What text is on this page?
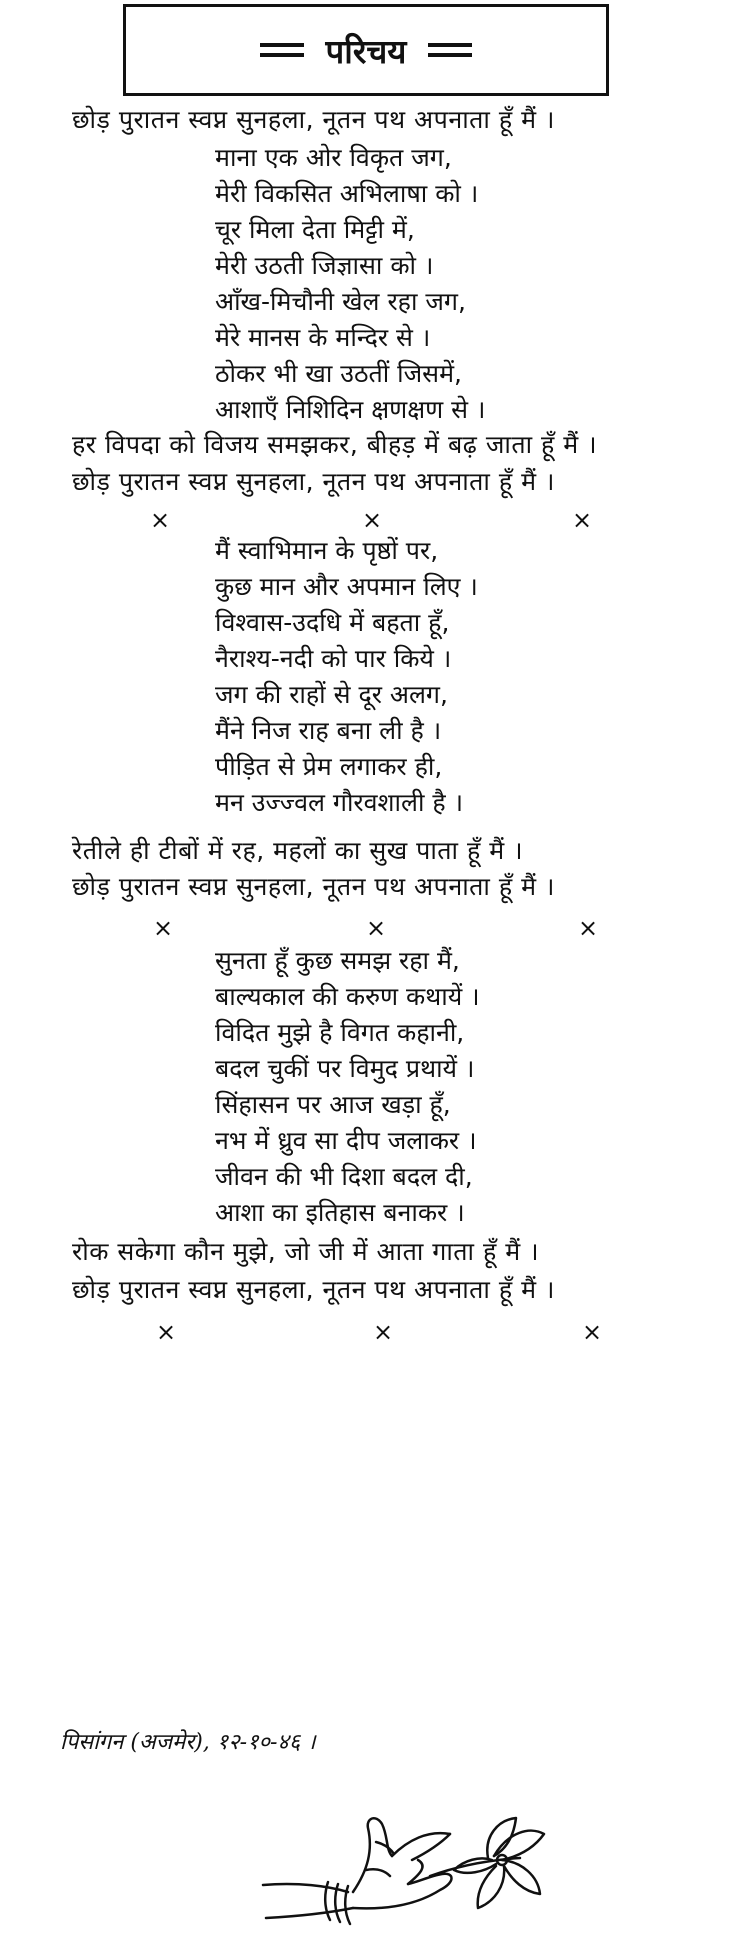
परिचय
छोड़ पुरातन स्वप्न सुनहला, नूतन पथ अपनाता हूँ मैं ।
माना एक ओर विकृत जग,
मेरी विकसित अभिलाषा को ।
चूर मिला देता मिट्टी में,
मेरी उठती जिज्ञासा को ।
आँख-मिचौनी खेल रहा जग,
मेरे मानस के मन्दिर से ।
ठोकर भी खा उठतीं जिसमें,
आशाएँ निशिदिन क्षणक्षण से ।
हर विपदा को विजय समझकर, बीहड़ में बढ़ जाता हूँ मैं ।
छोड़ पुरातन स्वप्न सुनहला, नूतन पथ अपनाता हूँ मैं ।
×	×	×
मैं स्वाभिमान के पृष्ठों पर,
कुछ मान और अपमान लिए ।
विश्वास-उदधि में बहता हूँ,
नैराश्य-नदी को पार किये ।
जग की राहों से दूर अलग,
मैंने निज राह बना ली है ।
पीड़ित से प्रेम लगाकर ही,
मन उज्ज्वल गौरवशाली है ।
रेतीले ही टीबों में रह, महलों का सुख पाता हूँ मैं ।
छोड़ पुरातन स्वप्न सुनहला, नूतन पथ अपनाता हूँ मैं ।
×	×	×
सुनता हूँ कुछ समझ रहा मैं,
बाल्यकाल की करुण कथायें ।
विदित मुझे है विगत कहानी,
बदल चुकीं पर विमुद प्रथायें ।
सिंहासन पर आज खड़ा हूँ,
नभ में ध्रुव सा दीप जलाकर ।
जीवन की भी दिशा बदल दी,
आशा का इतिहास बनाकर ।
रोक सकेगा कौन मुझे, जो जी में आता गाता हूँ मैं ।
छोड़ पुरातन स्वप्न सुनहला, नूतन पथ अपनाता हूँ मैं ।
×	×	×
पिसांगन (अजमेर), १२-१०-४६ ।
